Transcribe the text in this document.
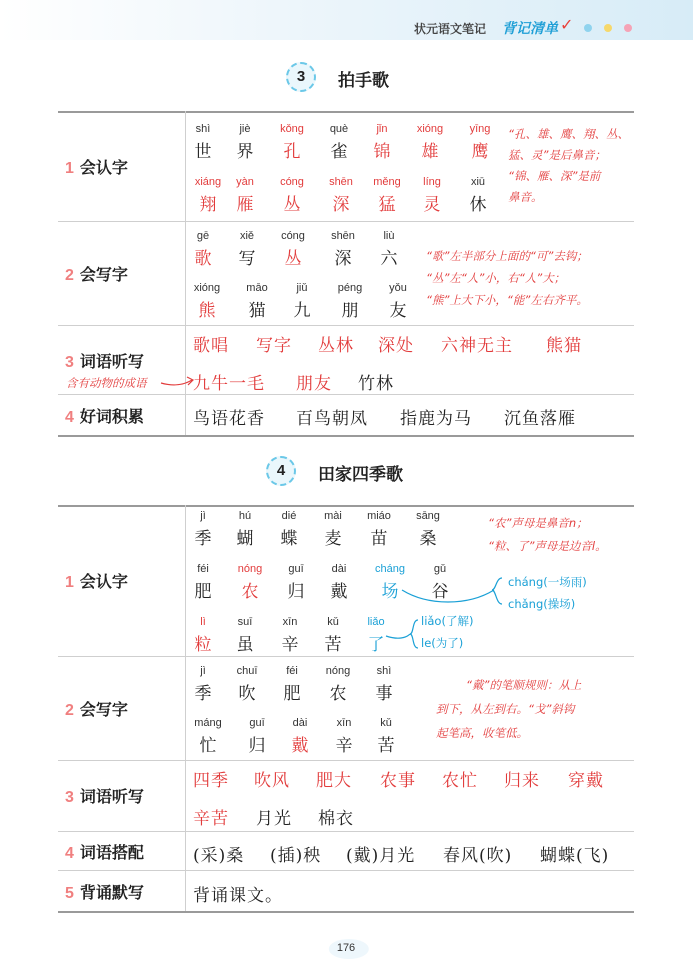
状元语文笔记 背记清单 ✓
3	拍手歌
1 会认字
2 会写字
3 词语听写
4 好词积累
shì
世
jiè
界
kǒng
孔
què
雀
jǐn
锦
xióng
雄
yīng
鹰
xiáng
翔
yàn
雁
cóng
丛
shēn
深
měng
猛
líng
灵
xiū
休
“孔、雄、鹰、翔、丛、
猛、灵”是后鼻音；
“锦、雁、深”是前
鼻音。
gē
歌
xiě
写
cóng
丛
shēn
深
liù
六
xióng
熊
māo
猫
jiǔ
九
péng
朋
yǒu
友
“歌”左半部分上面的“可”去钩；
“丛”左“人”小，右“人”大；
“熊”上大下小，“能”左右齐平。
歌唱 写字 丛林 深处 六神无主 熊猫
九牛一毛 朋友 竹林
含有动物的成语
鸟语花香 百鸟朝凤 指鹿为马 沉鱼落雁
4	田家四季歌
1 会认字
2 会写字
3 词语听写
4 词语搭配
5 背诵默写
jì
季
hú
蝴
dié
蝶
mài
麦
miáo
苗
sāng
桑
féi
肥
nóng
农
guī
归
dài
戴
cháng
场
gǔ
谷
lì
粒
suī
虽
xīn
辛
kǔ
苦
liǎo
了
“农”声母是鼻音n；
“粒、了”声母是边音l。
cháng(一场雨)
chǎng(操场)
liǎo(了解)
le(为了)
jì
季
chuī
吹
féi
肥
nóng
农
shì
事
máng
忙
guī
归
dài
戴
xīn
辛
kǔ
苦
“戴”的笔顺规则：从上
到下，从左到右。“戈”斜钩
起笔高，收笔低。
四季 吹风 肥大 农事 农忙 归来 穿戴
辛苦 月光 棉衣
(采)桑 (插)秧 (戴)月光 春风(吹) 蝴蝶(飞)
背诵课文。
176
